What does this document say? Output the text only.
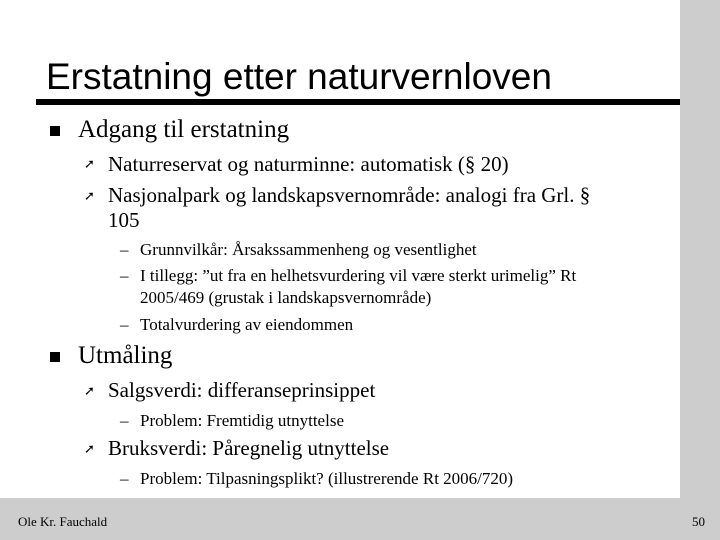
Erstatning etter naturvernloven
Adgang til erstatning
➚ Naturreservat og naturminne: automatisk (§ 20)
➚ Nasjonalpark og landskapsvernområde: analogi fra Grl. §
105
– Grunnvilkår: Årsakssammenheng og vesentlighet
– I tillegg: ”ut fra en helhetsvurdering vil være sterkt urimelig” Rt
2005/469 (grustak i landskapsvernområde)
– Totalvurdering av eiendommen
Utmåling
➚ Salgsverdi: differanseprinsippet
– Problem: Fremtidig utnyttelse
➚ Bruksverdi: Påregnelig utnyttelse
– Problem: Tilpasningsplikt? (illustrerende Rt 2006/720)
Ole Kr. Fauchald	50
